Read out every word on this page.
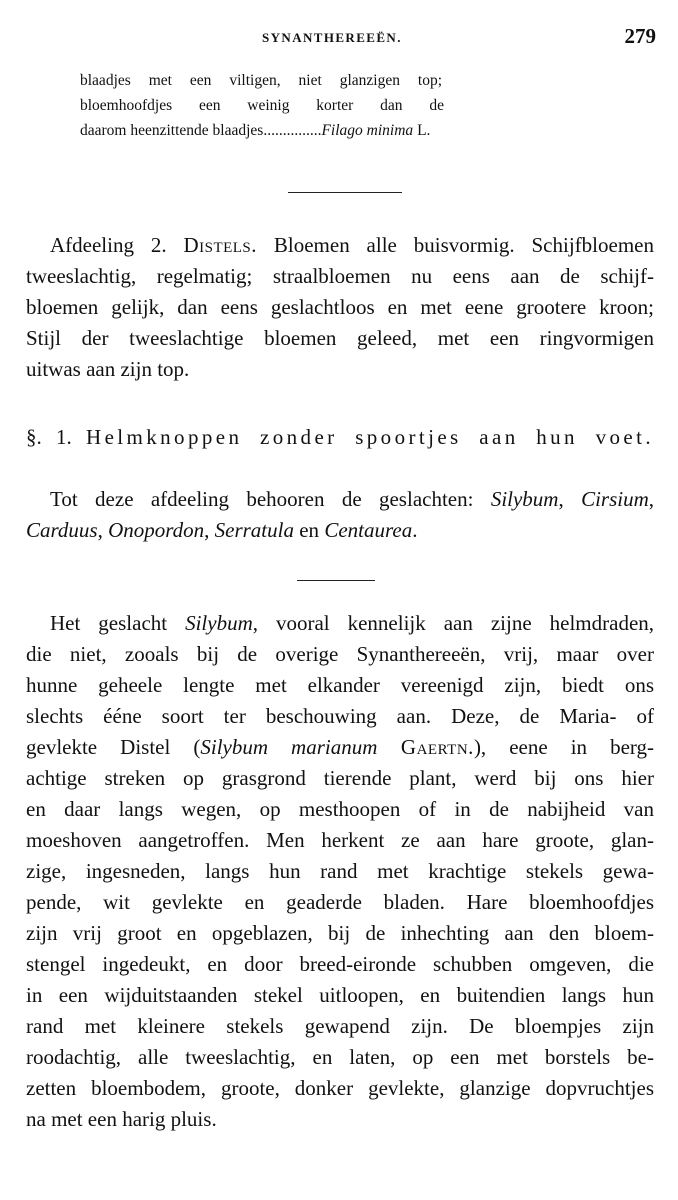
SYNANTHEREEËN.	279
blaadjes met een viltigen, niet glanzigen top;
bloemhoofdjes een weinig korter dan de
daarom heenzittende blaadjes...............Filago minima L.
Afdeeling 2. Distels. Bloemen alle buisvormig. Schijfbloemen
tweeslachtig, regelmatig; straalbloemen nu eens aan de schijf-
bloemen gelijk, dan eens geslachtloos en met eene grootere kroon;
Stijl der tweeslachtige bloemen geleed, met een ringvormigen
uitwas aan zijn top.
§. 1. Helmknoppen zonder spoortjes aan hun voet.
Tot deze afdeeling behooren de geslachten: Silybum, Cirsium,
Carduus, Onopordon, Serratula en Centaurea.
Het geslacht Silybum, vooral kennelijk aan zijne helmdraden,
die niet, zooals bij de overige Synanthereeën, vrij, maar over
hunne geheele lengte met elkander vereenigd zijn, biedt ons
slechts ééne soort ter beschouwing aan. Deze, de Maria- of
gevlekte Distel (Silybum marianum Gaertn.), eene in berg-
achtige streken op grasgrond tierende plant, werd bij ons hier
en daar langs wegen, op mesthoopen of in de nabijheid van
moeshoven aangetroffen. Men herkent ze aan hare groote, glan-
zige, ingesneden, langs hun rand met krachtige stekels gewa-
pende, wit gevlekte en geaderde bladen. Hare bloemhoofdjes
zijn vrij groot en opgeblazen, bij de inhechting aan den bloem-
stengel ingedeukt, en door breed-eironde schubben omgeven, die
in een wijduitstaanden stekel uitloopen, en buitendien langs hun
rand met kleinere stekels gewapend zijn. De bloempjes zijn
roodachtig, alle tweeslachtig, en laten, op een met borstels be-
zetten bloembodem, groote, donker gevlekte, glanzige dopvruchtjes
na met een harig pluis.
